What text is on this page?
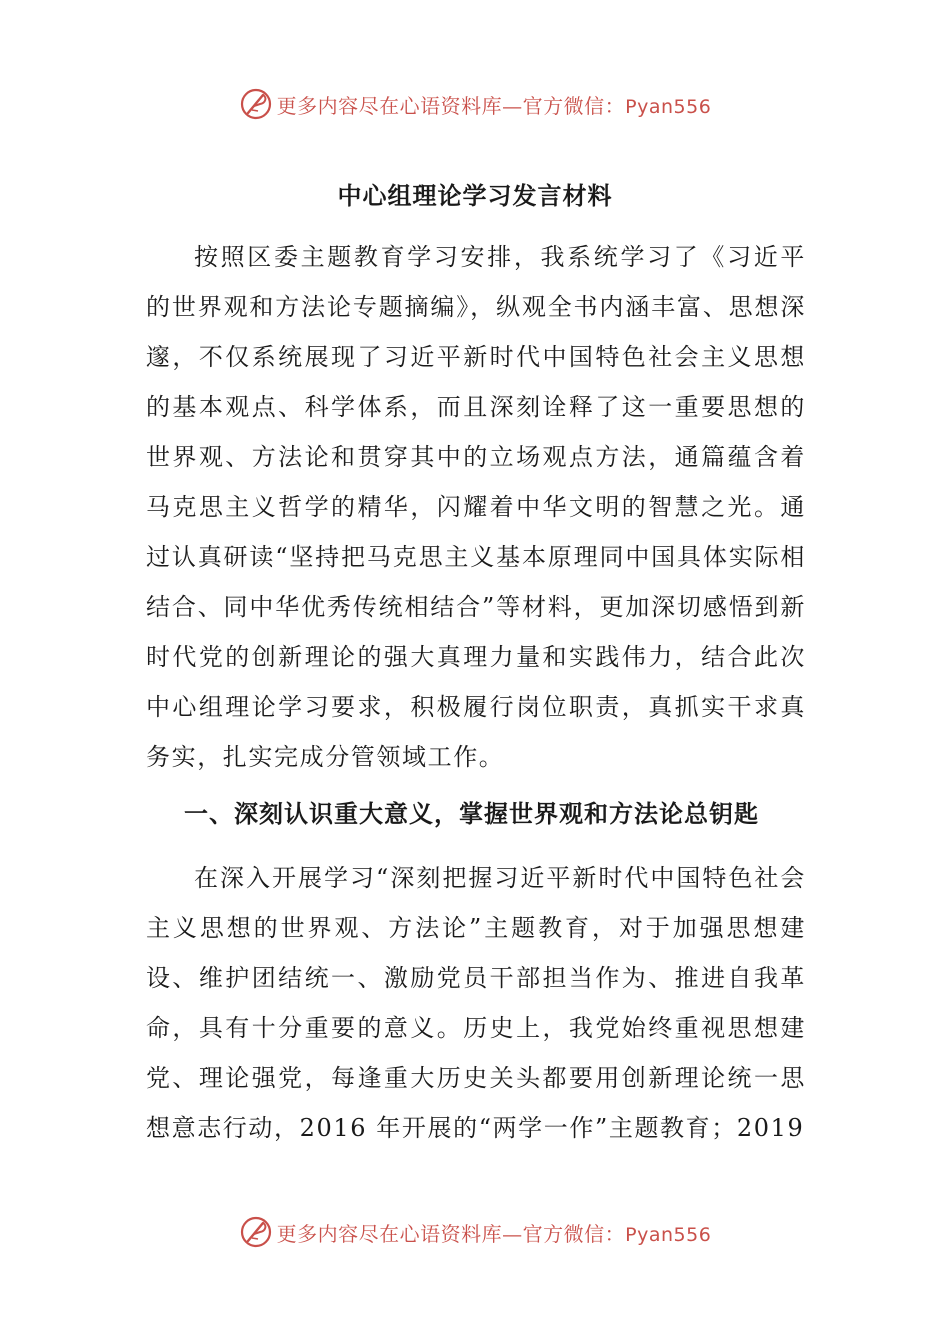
更多内容尽在心语资料库—官方微信：Pyan556
中心组理论学习发言材料

按照区委主题教育学习安排，我系统学习了《习近平的世界观和方法论专题摘编》，纵观全书内涵丰富、思想深邃，不仅系统展现了习近平新时代中国特色社会主义思想的基本观点、科学体系，而且深刻诠释了这一重要思想的世界观、方法论和贯穿其中的立场观点方法，通篇蕴含着马克思主义哲学的精华，闪耀着中华文明的智慧之光。通过认真研读“坚持把马克思主义基本原理同中国具体实际相结合、同中华优秀传统相结合”等材料，更加深切感悟到新时代党的创新理论的强大真理力量和实践伟力，结合此次中心组理论学习要求，积极履行岗位职责，真抓实干求真务实，扎实完成分管领域工作。

一、深刻认识重大意义，掌握世界观和方法论总钥匙

在深入开展学习“深刻把握习近平新时代中国特色社会主义思想的世界观、方法论”主题教育，对于加强思想建设、维护团结统一、激励党员干部担当作为、推进自我革命，具有十分重要的意义。历史上，我党始终重视思想建党、理论强党，每逢重大历史关头都要用创新理论统一思想意志行动，2016 年开展的“两学一作”主题教育；2019

更多内容尽在心语资料库—官方微信：Pyan556
